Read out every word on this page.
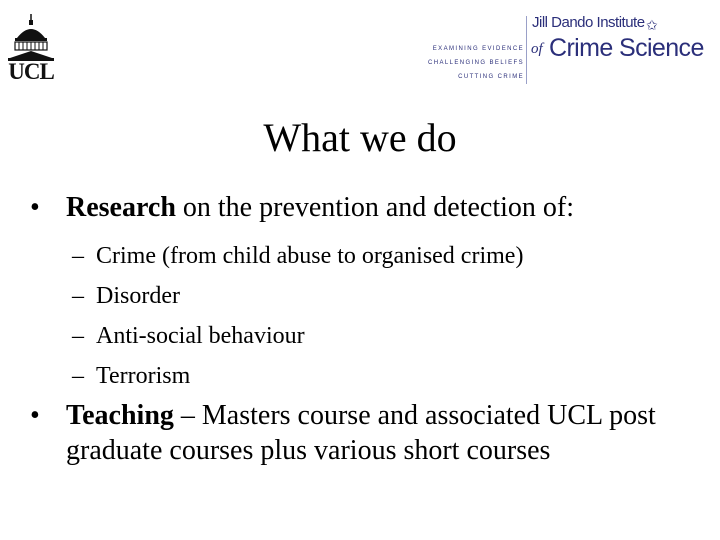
UCL
EXAMINING EVIDENCE
CHALLENGING BELIEFS
CUTTING CRIME
Jill Dando Institute ✩
of Crime Science
What we do
• Research on the prevention and detection of:
– Crime (from child abuse to organised crime)
– Disorder
– Anti-social behaviour
– Terrorism
• Teaching – Masters course and associated UCL post graduate courses plus various short courses
